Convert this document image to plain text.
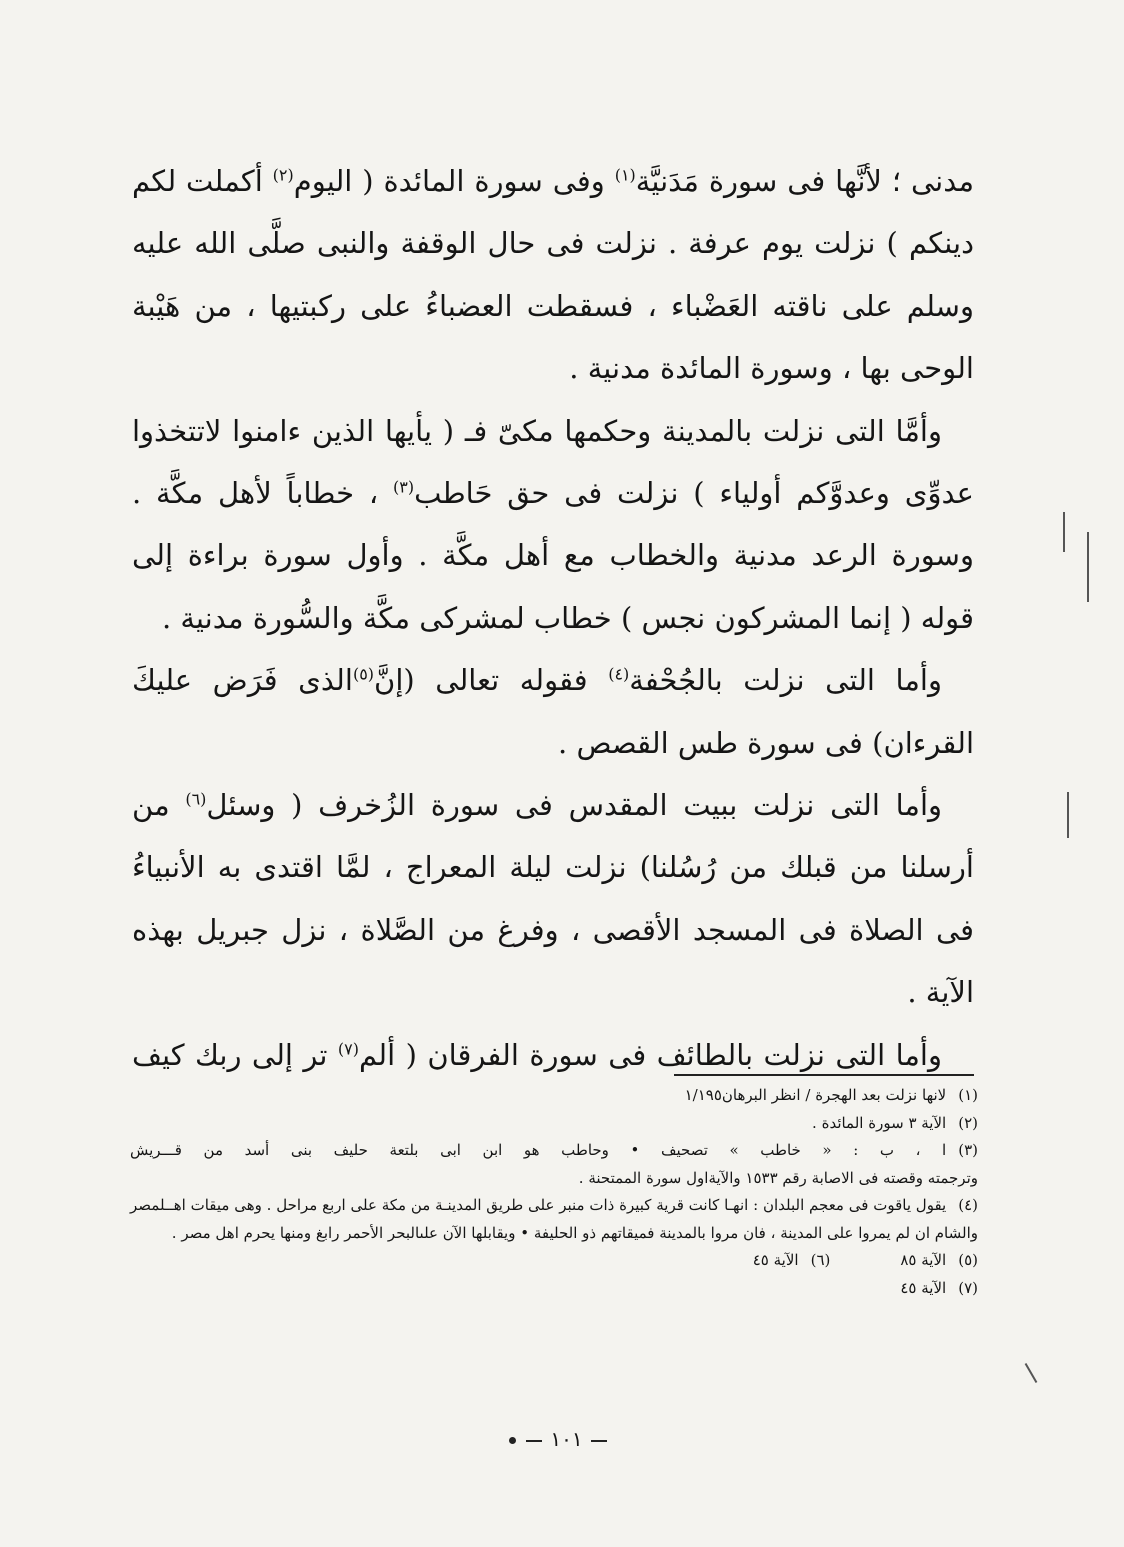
مدنى ؛ لأنَّها فى سورة مَدَنيَّة$^{(١)}$ وفى سورة المائدة ( اليوم$^{(٢)}$ أكملت لكم دينكم ) نزلت يوم عرفة . نزلت فى حال الوقفة والنبى صلَّى الله عليه وسلم على ناقته العَضْباء ، فسقطت العضباءُ على ركبتيها ، من هَيْبة الوحى بها ، وسورة المائدة مدنية .

وأمَّا التى نزلت بالمدينة وحكمها مكىّ فـ ( يأيها الذين ءامنوا لاتتخذوا عدوِّى وعدوَّكم أولياء ) نزلت فى حق حَاطب$^{(٣)}$ ، خطاباً لأهل مكَّة . وسورة الرعد مدنية والخطاب مع أهل مكَّة . وأول سورة براءة إلى قوله ( إنما المشركون نجس ) خطاب لمشركى مكَّة والسُّورة مدنية .

وأما التى نزلت بالجُحْفة$^{(٤)}$ فقوله تعالى (إنَّ$^{(٥)}$الذى فَرَض عليكَ القرءان) فى سورة طس القصص .

وأما التى نزلت ببيت المقدس فى سورة الزُخرف ( وسئل$^{(٦)}$ من أرسلنا من قبلك من رُسُلنا) نزلت ليلة المعراج ، لمَّا اقتدى به الأنبياءُ فى الصلاة فى المسجد الأقصى ، وفرغ من الصَّلاة ، نزل جبريل بهذه الآية .

وأما التى نزلت بالطائف فى سورة الفرقان ( ألم$^{(٧)}$ تر إلى ربك كيف

(١)لانها نزلت بعد الهجرة / انظر البرهان١/١٩٥

(٢)الآية ٣ سورة المائدة .

(٣)ا ، ب : « خاطب » تصحيف • وحاطب هو ابن ابى بلتعة حليف بنى أسد من قـــريش

وترجمته وقصته فى الاصابة رقم ١٥٣٣ والآيةاول سورة الممتحنة .

(٤)يقول ياقوت فى معجم البلدان : انهـا كانت قرية كبيرة ذات منبر على طريق المدينـة من مكة على اربع مراحل . وهى ميقات اهــلمصر والشام ان لم يمروا على المدينة ، فان مروا بالمدينة فميقاتهم ذو الحليفة • ويقابلها الآن علىالبحر الأحمر رابغ ومنها يحرم اهل مصر .

(٥)الآية ٨٥(٦)الآية ٤٥

(٧)الآية ٤٥

١٠١
